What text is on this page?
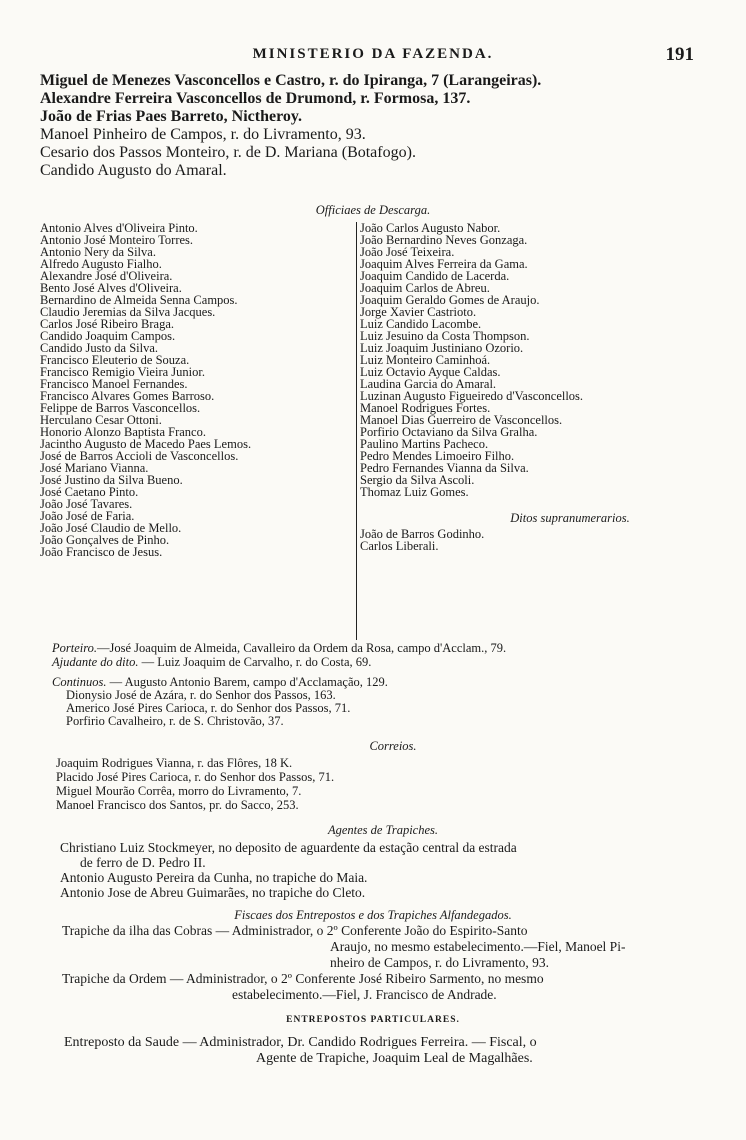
MINISTERIO DA FAZENDA.	191
Miguel de Menezes Vasconcellos e Castro, r. do Ipiranga, 7 (Larangeiras).
Alexandre Ferreira Vasconcellos de Drumond, r. Formosa, 137.
João de Frias Paes Barreto, Nictheroy.
Manoel Pinheiro de Campos, r. do Livramento, 93.
Cesario dos Passos Monteiro, r. de D. Mariana (Botafogo).
Candido Augusto do Amaral.
Officiaes de Descarga.
Antonio Alves d'Oliveira Pinto.
Antonio José Monteiro Torres.
Antonio Nery da Silva.
Alfredo Augusto Fialho.
Alexandre José d'Oliveira.
Bento José Alves d'Oliveira.
Bernardino de Almeida Senna Campos.
Claudio Jeremias da Silva Jacques.
Carlos José Ribeiro Braga.
Candido Joaquim Campos.
Candido Justo da Silva.
Francisco Eleuterio de Souza.
Francisco Remigio Vieira Junior.
Francisco Manoel Fernandes.
Francisco Alvares Gomes Barroso.
Felippe de Barros Vasconcellos.
Herculano Cesar Ottoni.
Honorio Alonzo Baptista Franco.
Jacintho Augusto de Macedo Paes Lemos.
José de Barros Accioli de Vasconcellos.
José Mariano Vianna.
José Justino da Silva Bueno.
José Caetano Pinto.
João José Tavares.
João José de Faria.
João José Claudio de Mello.
João Gonçalves de Pinho.
João Francisco de Jesus.
João Carlos Augusto Nabor.
João Bernardino Neves Gonzaga.
João José Teixeira.
Joaquim Alves Ferreira da Gama.
Joaquim Candido de Lacerda.
Joaquim Carlos de Abreu.
Joaquim Geraldo Gomes de Araujo.
Jorge Xavier Castrioto.
Luiz Candido Lacombe.
Luiz Jesuino da Costa Thompson.
Luiz Joaquim Justiniano Ozorio.
Luiz Monteiro Caminhoá.
Luiz Octavio Ayque Caldas.
Laudina Garcia do Amaral.
Luzinan Augusto Figueiredo d'Vasconcellos.
Manoel Rodrigues Fortes.
Manoel Dias Guerreiro de Vasconcellos.
Porfirio Octaviano da Silva Gralha.
Paulino Martins Pacheco.
Pedro Mendes Limoeiro Filho.
Pedro Fernandes Vianna da Silva.
Sergio da Silva Ascoli.
Thomaz Luiz Gomes.
Ditos supranumerarios.
João de Barros Godinho.
Carlos Liberali.
Porteiro.—José Joaquim de Almeida, Cavalleiro da Ordem da Rosa, campo d'Acclam., 79.
Ajudante do dito. — Luiz Joaquim de Carvalho, r. do Costa, 69.
Continuos. — Augusto Antonio Barem, campo d'Acclamação, 129.
Dionysio José de Azára, r. do Senhor dos Passos, 163.
Americo José Pires Carioca, r. do Senhor dos Passos, 71.
Porfirio Cavalheiro, r. de S. Christovão, 37.
Correios.
Joaquim Rodrigues Vianna, r. das Flôres, 18 K.
Placido José Pires Carioca, r. do Senhor dos Passos, 71.
Miguel Mourão Corrêa, morro do Livramento, 7.
Manoel Francisco dos Santos, pr. do Sacco, 253.
Agentes de Trapiches.
Christiano Luiz Stockmeyer, no deposito de aguardente da estação central da estrada
de ferro de D. Pedro II.
Antonio Augusto Pereira da Cunha, no trapiche do Maia.
Antonio Jose de Abreu Guimarães, no trapiche do Cleto.
Fiscaes dos Entrepostos e dos Trapiches Alfandegados.
Trapiche da ilha das Cobras — Administrador, o 2º Conferente João do Espirito-Santo
Araujo, no mesmo estabelecimento.—Fiel, Manoel Pi-
nheiro de Campos, r. do Livramento, 93.
Trapiche da Ordem — Administrador, o 2º Conferente José Ribeiro Sarmento, no mesmo
estabelecimento.—Fiel, J. Francisco de Andrade.
ENTREPOSTOS PARTICULARES.
Entreposto da Saude — Administrador, Dr. Candido Rodrigues Ferreira. — Fiscal, o
Agente de Trapiche, Joaquim Leal de Magalhães.
